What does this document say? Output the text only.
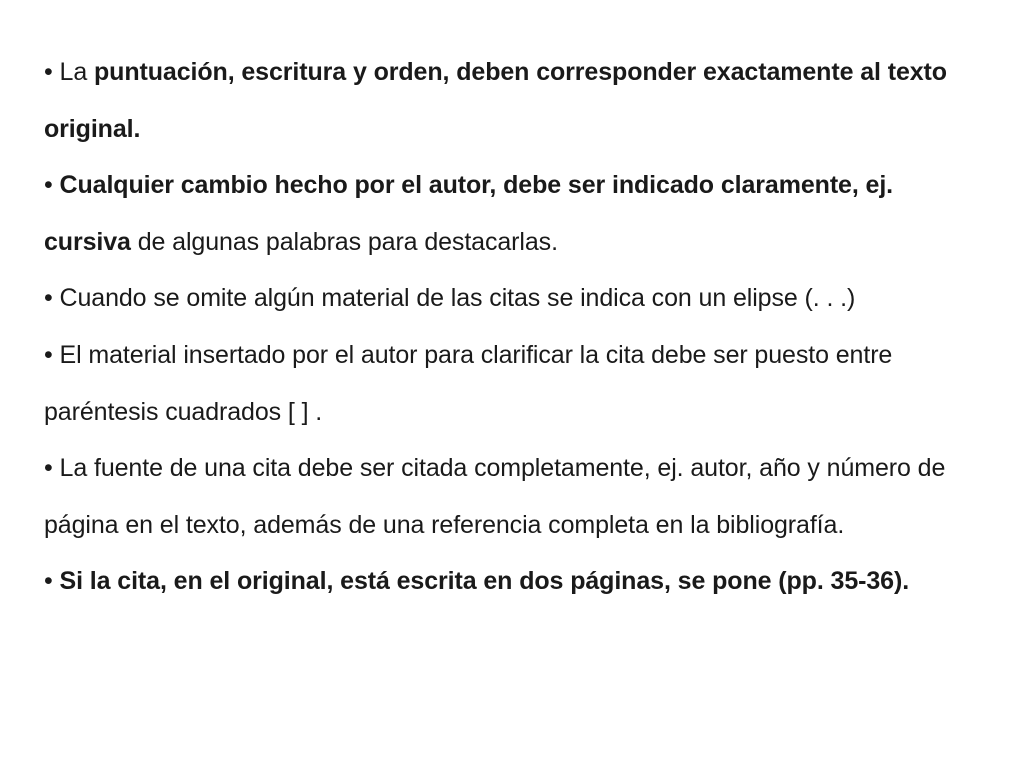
• La puntuación, escritura y orden, deben corresponder exactamente al texto original.

• Cualquier cambio hecho por el autor, debe ser indicado claramente, ej. cursiva de algunas palabras para destacarlas.

• Cuando se omite algún material de las citas se indica con un elipse (. . .)

• El material insertado por el autor para clarificar la cita debe ser puesto entre paréntesis cuadrados [ ] .

• La fuente de una cita debe ser citada completamente, ej. autor, año y número de página en el texto, además de una referencia completa en la bibliografía.

• Si la cita, en el original, está escrita en dos páginas, se pone (pp. 35-36).
